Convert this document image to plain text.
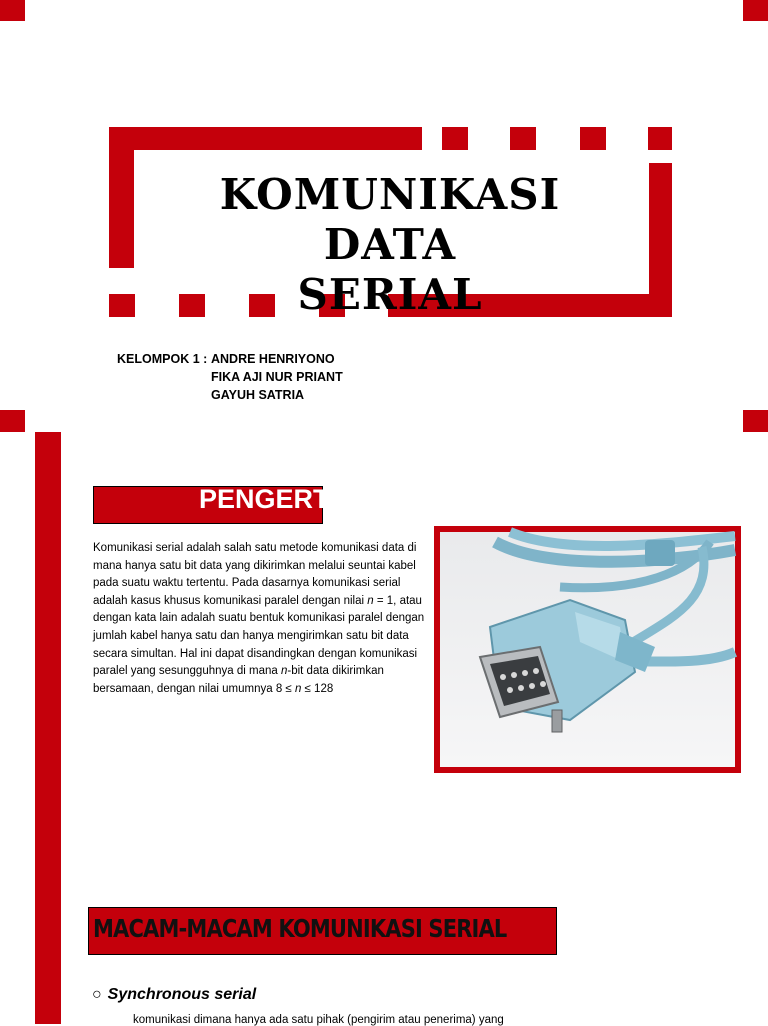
KOMUNIKASI DATA
SERIAL
KELOMPOK 1 : ANDRE HENRIYONO
FIKA AJI NUR PRIANT
GAYUH SATRIA
PENGERTIAN
Komunikasi serial adalah salah satu metode komunikasi data di mana hanya satu bit data yang dikirimkan melalui seuntai kabel pada suatu waktu tertentu. Pada dasarnya komunikasi serial adalah kasus khusus komunikasi paralel dengan nilai n = 1, atau dengan kata lain adalah suatu bentuk komunikasi paralel dengan jumlah kabel hanya satu dan hanya mengirimkan satu bit data secara simultan. Hal ini dapat disandingkan dengan komunikasi paralel yang sesungguhnya di mana n-bit data dikirimkan bersamaan, dengan nilai umumnya 8 ≤ n ≤ 128
MACAM-MACAM KOMUNIKASI SERIAL
○ Synchronous serial
komunikasi dimana hanya ada satu pihak (pengirim atau penerima) yang
